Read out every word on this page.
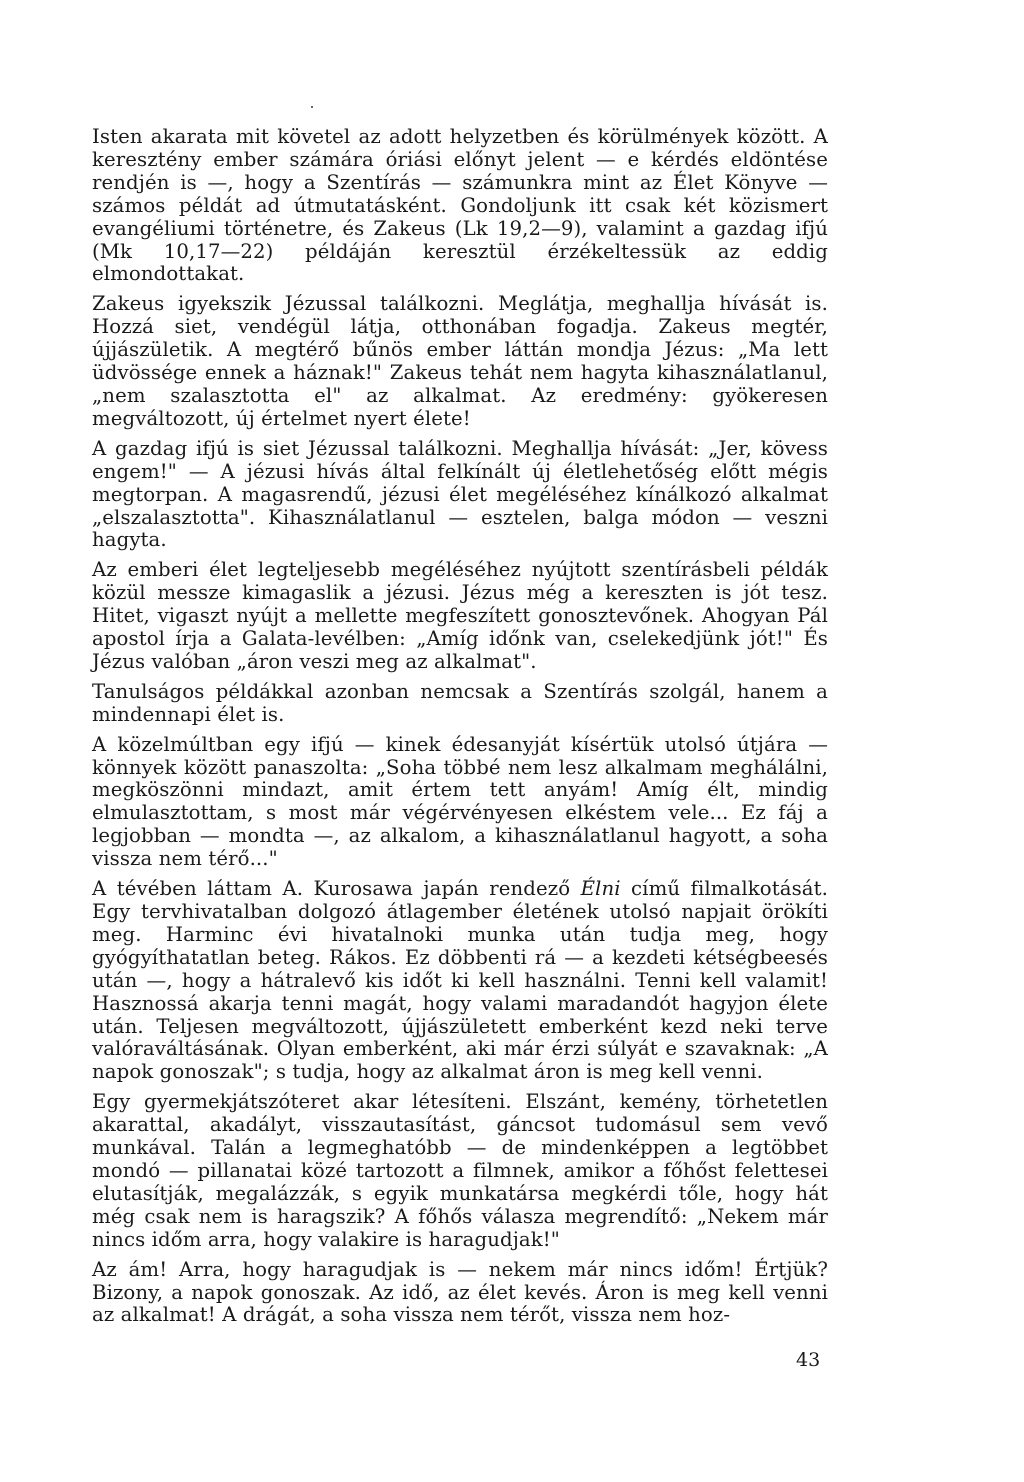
Isten akarata mit követel az adott helyzetben és körülmények között. A keresztény ember számára óriási előnyt jelent — e kérdés eldöntése rendjén is —, hogy a Szentírás — számunkra mint az Élet Könyve — számos példát ad útmutatásként. Gondoljunk itt csak két közismert evangéliumi történetre, és Zakeus (Lk 19,2—9), valamint a gazdag ifjú (Mk 10,17—22) példáján keresztül érzékeltessük az eddig elmondottakat.

Zakeus igyekszik Jézussal találkozni. Meglátja, meghallja hívását is. Hozzá siet, vendégül látja, otthonában fogadja. Zakeus megtér, újjászületik. A megtérő bűnös ember láttán mondja Jézus: „Ma lett üdvössége ennek a háznak!" Zakeus tehát nem hagyta kihasználatlanul, „nem szalasztotta el" az alkalmat. Az eredmény: gyökeresen megváltozott, új értelmet nyert élete!

A gazdag ifjú is siet Jézussal találkozni. Meghallja hívását: „Jer, kövess engem!" — A jézusi hívás által felkínált új életlehetőség előtt mégis megtorpan. A magasrendű, jézusi élet megéléséhez kínálkozó alkalmat „elszalasztotta". Kihasználatlanul — esztelen, balga módon — veszni hagyta.

Az emberi élet legteljesebb megéléséhez nyújtott szentírásbeli példák közül messze kimagaslik a jézusi. Jézus még a kereszten is jót tesz. Hitet, vigaszt nyújt a mellette megfeszített gonosztevőnek. Ahogyan Pál apostol írja a Galata-levélben: „Amíg időnk van, cselekedjünk jót!" És Jézus valóban „áron veszi meg az alkalmat".

Tanulságos példákkal azonban nemcsak a Szentírás szolgál, hanem a mindennapi élet is.

A közelmúltban egy ifjú — kinek édesanyját kísértük utolsó útjára — könnyek között panaszolta: „Soha többé nem lesz alkalmam meghálálni, megköszönni mindazt, amit értem tett anyám! Amíg élt, mindig elmulasztottam, s most már végérvényesen elkéstem vele... Ez fáj a legjobban — mondta —, az alkalom, a kihasználatlanul hagyott, a soha vissza nem térő..."

A tévében láttam A. Kurosawa japán rendező Élni című filmalkotását. Egy tervhivatalban dolgozó átlagember életének utolsó napjait örökíti meg. Harminc évi hivatalnoki munka után tudja meg, hogy gyógyíthatatlan beteg. Rákos. Ez döbbenti rá — a kezdeti kétségbeesés után —, hogy a hátralevő kis időt ki kell használni. Tenni kell valamit! Hasznossá akarja tenni magát, hogy valami maradandót hagyjon élete után. Teljesen megváltozott, újjászületett emberként kezd neki terve valóraváltásának. Olyan emberként, aki már érzi súlyát e szavaknak: „A napok gonoszak"; s tudja, hogy az alkalmat áron is meg kell venni.

Egy gyermekjátszóteret akar létesíteni. Elszánt, kemény, törhetetlen akarattal, akadályt, visszautasítást, gáncsot tudomásul sem vevő munkával. Talán a legmeghatóbb — de mindenképpen a legtöbbet mondó — pillanatai közé tartozott a filmnek, amikor a főhőst felettesei elutasítják, megalázzák, s egyik munkatársa megkérdi tőle, hogy hát még csak nem is haragszik? A főhős válasza megrendítő: „Nekem már nincs időm arra, hogy valakire is haragudjak!"

Az ám! Arra, hogy haragudjak is — nekem már nincs időm! Értjük? Bizony, a napok gonoszak. Az idő, az élet kevés. Áron is meg kell venni az alkalmat! A drágát, a soha vissza nem térőt, vissza nem hoz-

43
